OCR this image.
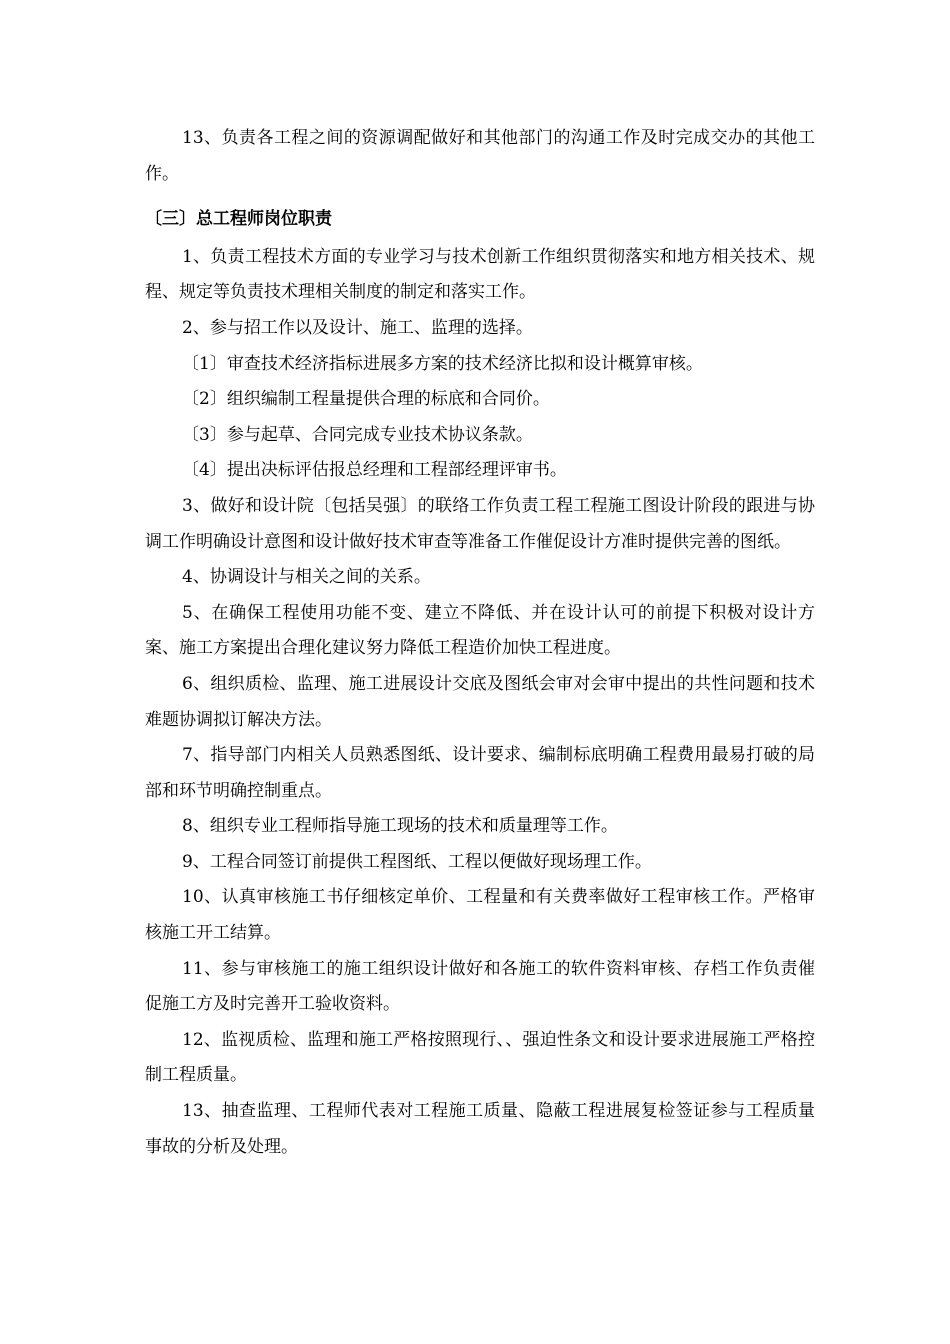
13、负责各工程之间的资源调配做好和其他部门的沟通工作及时完成交办的其他工作。

〔三〕总工程师岗位职责

1、负责工程技术方面的专业学习与技术创新工作组织贯彻落实和地方相关技术、规程、规定等负责技术理相关制度的制定和落实工作。

2、参与招工作以及设计、施工、监理的选择。

〔1〕审查技术经济指标进展多方案的技术经济比拟和设计概算审核。

〔2〕组织编制工程量提供合理的标底和合同价。

〔3〕参与起草、合同完成专业技术协议条款。

〔4〕提出决标评估报总经理和工程部经理评审书。

3、做好和设计院〔包括吴强〕的联络工作负责工程工程施工图设计阶段的跟进与协调工作明确设计意图和设计做好技术审查等准备工作催促设计方准时提供完善的图纸。

4、协调设计与相关之间的关系。

5、在确保工程使用功能不变、建立不降低、并在设计认可的前提下积极对设计方案、施工方案提出合理化建议努力降低工程造价加快工程进度。

6、组织质检、监理、施工进展设计交底及图纸会审对会审中提出的共性问题和技术难题协调拟订解决方法。

7、指导部门内相关人员熟悉图纸、设计要求、编制标底明确工程费用最易打破的局部和环节明确控制重点。

8、组织专业工程师指导施工现场的技术和质量理等工作。

9、工程合同签订前提供工程图纸、工程以便做好现场理工作。

10、认真审核施工书仔细核定单价、工程量和有关费率做好工程审核工作。严格审核施工开工结算。

11、参与审核施工的施工组织设计做好和各施工的软件资料审核、存档工作负责催促施工方及时完善开工验收资料。

12、监视质检、监理和施工严格按照现行、、强迫性条文和设计要求进展施工严格控制工程质量。

13、抽查监理、工程师代表对工程施工质量、隐蔽工程进展复检签证参与工程质量事故的分析及处理。
